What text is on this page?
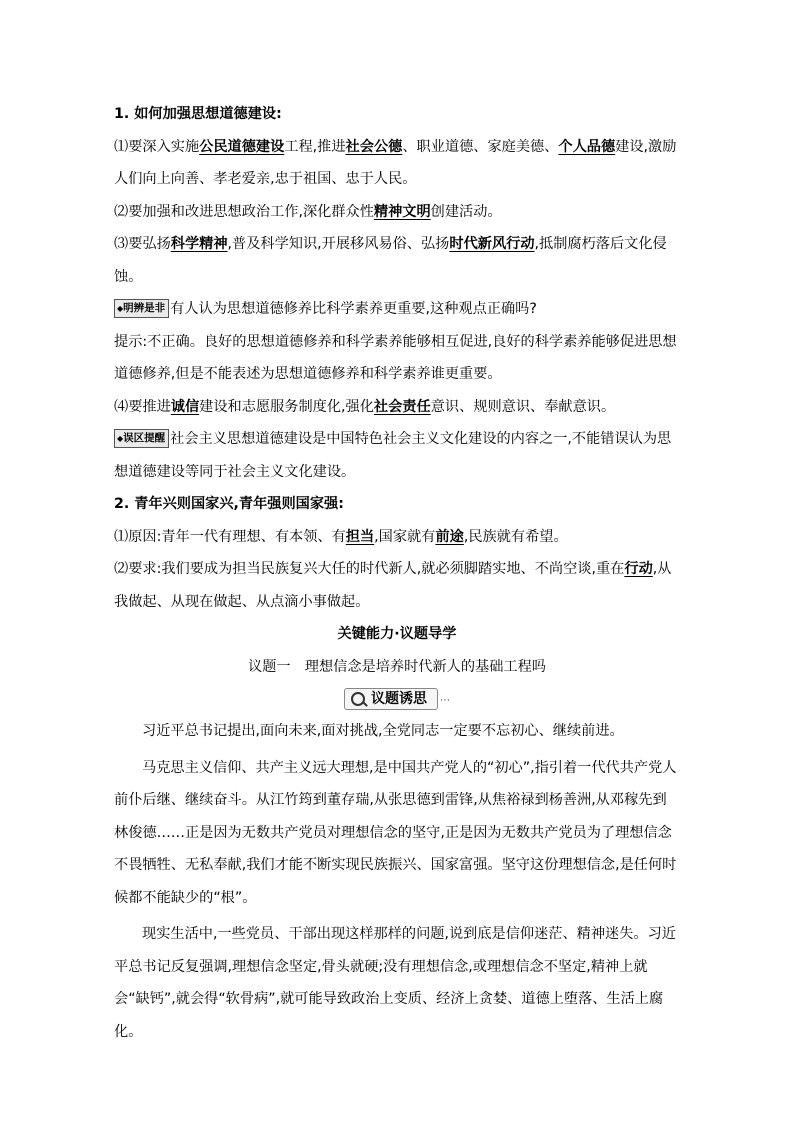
1. 如何加强思想道德建设:
⑴要深入实施公民道德建设工程,推进社会公德、职业道德、家庭美德、个人品德建设,激励
人们向上向善、孝老爱亲,忠于祖国、忠于人民。
⑵要加强和改进思想政治工作,深化群众性精神文明创建活动。
⑶要弘扬科学精神,普及科学知识,开展移风易俗、弘扬时代新风行动,抵制腐朽落后文化侵
蚀。
◆明辨是非 有人认为思想道德修养比科学素养更重要,这种观点正确吗?
提示:不正确。良好的思想道德修养和科学素养能够相互促进,良好的科学素养能够促进思想
道德修养,但是不能表述为思想道德修养和科学素养谁更重要。
⑷要推进诚信建设和志愿服务制度化,强化社会责任意识、规则意识、奉献意识。
◆误区提醒 社会主义思想道德建设是中国特色社会主义文化建设的内容之一,不能错误认为思
想道德建设等同于社会主义文化建设。
2. 青年兴则国家兴,青年强则国家强:
⑴原因:青年一代有理想、有本领、有担当,国家就有前途,民族就有希望。
⑵要求:我们要成为担当民族复兴大任的时代新人,就必须脚踏实地、不尚空谈,重在行动,从
我做起、从现在做起、从点滴小事做起。
关键能力·议题导学
议题一　理想信念是培养时代新人的基础工程吗
议题诱思 ⋯
习近平总书记提出,面向未来,面对挑战,全党同志一定要不忘初心、继续前进。
马克思主义信仰、共产主义远大理想,是中国共产党人的“初心”,指引着一代代共产党人前仆后继、继续奋斗。从江竹筠到董存瑞,从张思德到雷锋,从焦裕禄到杨善洲,从邓稼先到林俊德……正是因为无数共产党员对理想信念的坚守,正是因为无数共产党员为了理想信念不畏牺牲、无私奉献,我们才能不断实现民族振兴、国家富强。坚守这份理想信念,是任何时候都不能缺少的“根”。
现实生活中,一些党员、干部出现这样那样的问题,说到底是信仰迷茫、精神迷失。习近平总书记反复强调,理想信念坚定,骨头就硬;没有理想信念,或理想信念不坚定,精神上就会“缺钙”,就会得“软骨病”,就可能导致政治上变质、经济上贪婪、道德上堕落、生活上腐化。
